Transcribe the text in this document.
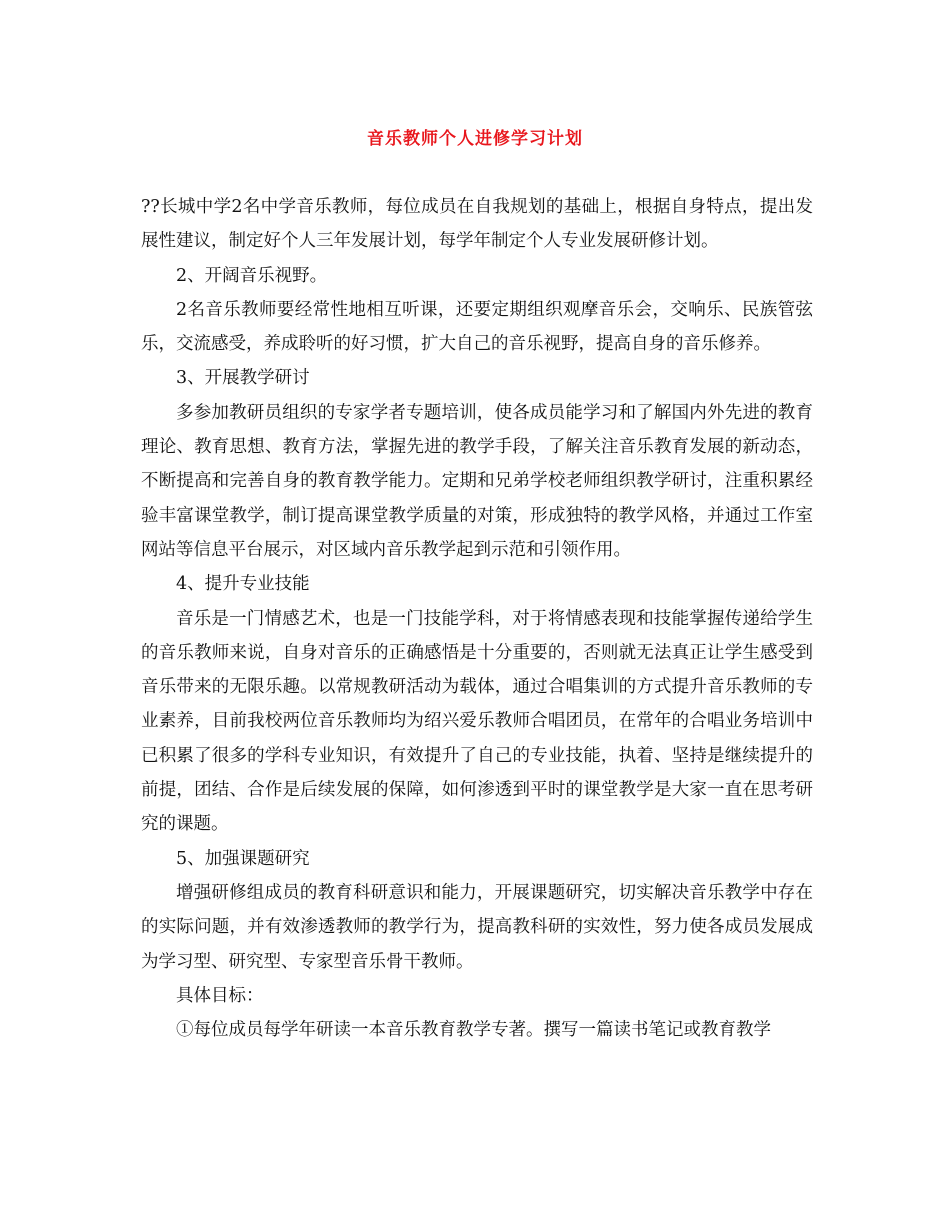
音乐教师个人进修学习计划

??长城中学2名中学音乐教师，每位成员在自我规划的基础上，根据自身特点，提出发展性建议，制定好个人三年发展计划，每学年制定个人专业发展研修计划。

2、开阔音乐视野。

2名音乐教师要经常性地相互听课，还要定期组织观摩音乐会，交响乐、民族管弦乐，交流感受，养成聆听的好习惯，扩大自己的音乐视野，提高自身的音乐修养。

3、开展教学研讨

多参加教研员组织的专家学者专题培训，使各成员能学习和了解国内外先进的教育理论、教育思想、教育方法，掌握先进的教学手段，了解关注音乐教育发展的新动态，不断提高和完善自身的教育教学能力。定期和兄弟学校老师组织教学研讨，注重积累经验丰富课堂教学，制订提高课堂教学质量的对策，形成独特的教学风格，并通过工作室网站等信息平台展示，对区域内音乐教学起到示范和引领作用。

4、提升专业技能

音乐是一门情感艺术，也是一门技能学科，对于将情感表现和技能掌握传递给学生的音乐教师来说，自身对音乐的正确感悟是十分重要的，否则就无法真正让学生感受到音乐带来的无限乐趣。以常规教研活动为载体，通过合唱集训的方式提升音乐教师的专业素养，目前我校两位音乐教师均为绍兴爱乐教师合唱团员，在常年的合唱业务培训中已积累了很多的学科专业知识，有效提升了自己的专业技能，执着、坚持是继续提升的前提，团结、合作是后续发展的保障，如何渗透到平时的课堂教学是大家一直在思考研究的课题。

5、加强课题研究

增强研修组成员的教育科研意识和能力，开展课题研究，切实解决音乐教学中存在的实际问题，并有效渗透教师的教学行为，提高教科研的实效性，努力使各成员发展成为学习型、研究型、专家型音乐骨干教师。

具体目标：

①每位成员每学年研读一本音乐教育教学专著。撰写一篇读书笔记或教育教学
